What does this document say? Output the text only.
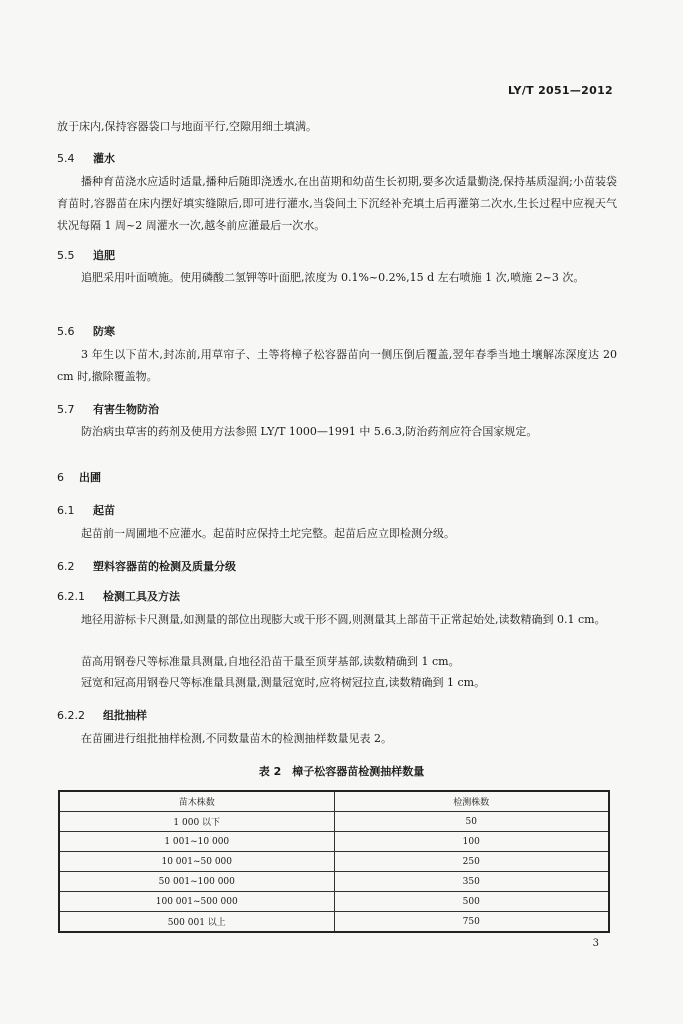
LY/T 2051—2012
放于床内,保持容器袋口与地面平行,空隙用细土填满。
5.4 灌水
播种育苗浇水应适时适量,播种后随即浇透水,在出苗期和幼苗生长初期,要多次适量勤浇,保持基质湿润;小苗装袋育苗时,容器苗在床内摆好填实缝隙后,即可进行灌水,当袋间土下沉经补充填土后再灌第二次水,生长过程中应视天气状况每隔 1 周~2 周灌水一次,越冬前应灌最后一次水。
5.5 追肥
追肥采用叶面喷施。使用磷酸二氢钾等叶面肥,浓度为 0.1%~0.2%,15 d 左右喷施 1 次,喷施 2~3 次。
5.6 防寒
3 年生以下苗木,封冻前,用草帘子、土等将樟子松容器苗向一侧压倒后覆盖,翌年春季当地土壤解冻深度达 20 cm 时,撤除覆盖物。
5.7 有害生物防治
防治病虫草害的药剂及使用方法参照 LY/T 1000—1991 中 5.6.3,防治药剂应符合国家规定。
6 出圃
6.1 起苗
起苗前一周圃地不应灌水。起苗时应保持土坨完整。起苗后应立即检测分级。
6.2 塑料容器苗的检测及质量分级
6.2.1 检测工具及方法
地径用游标卡尺测量,如测量的部位出现膨大或干形不圆,则测量其上部苗干正常起始处,读数精确到 0.1 cm。
苗高用钢卷尺等标准量具测量,自地径沿苗干量至顶芽基部,读数精确到 1 cm。
冠宽和冠高用钢卷尺等标准量具测量,测量冠宽时,应将树冠拉直,读数精确到 1 cm。
6.2.2 组批抽样
在苗圃进行组批抽样检测,不同数量苗木的检测抽样数量见表 2。
表 2　樟子松容器苗检测抽样数量
苗木株数	检测株数
1 000 以下	50
1 001~10 000	100
10 001~50 000	250
50 001~100 000	350
100 001~500 000	500
500 001 以上	750
3
